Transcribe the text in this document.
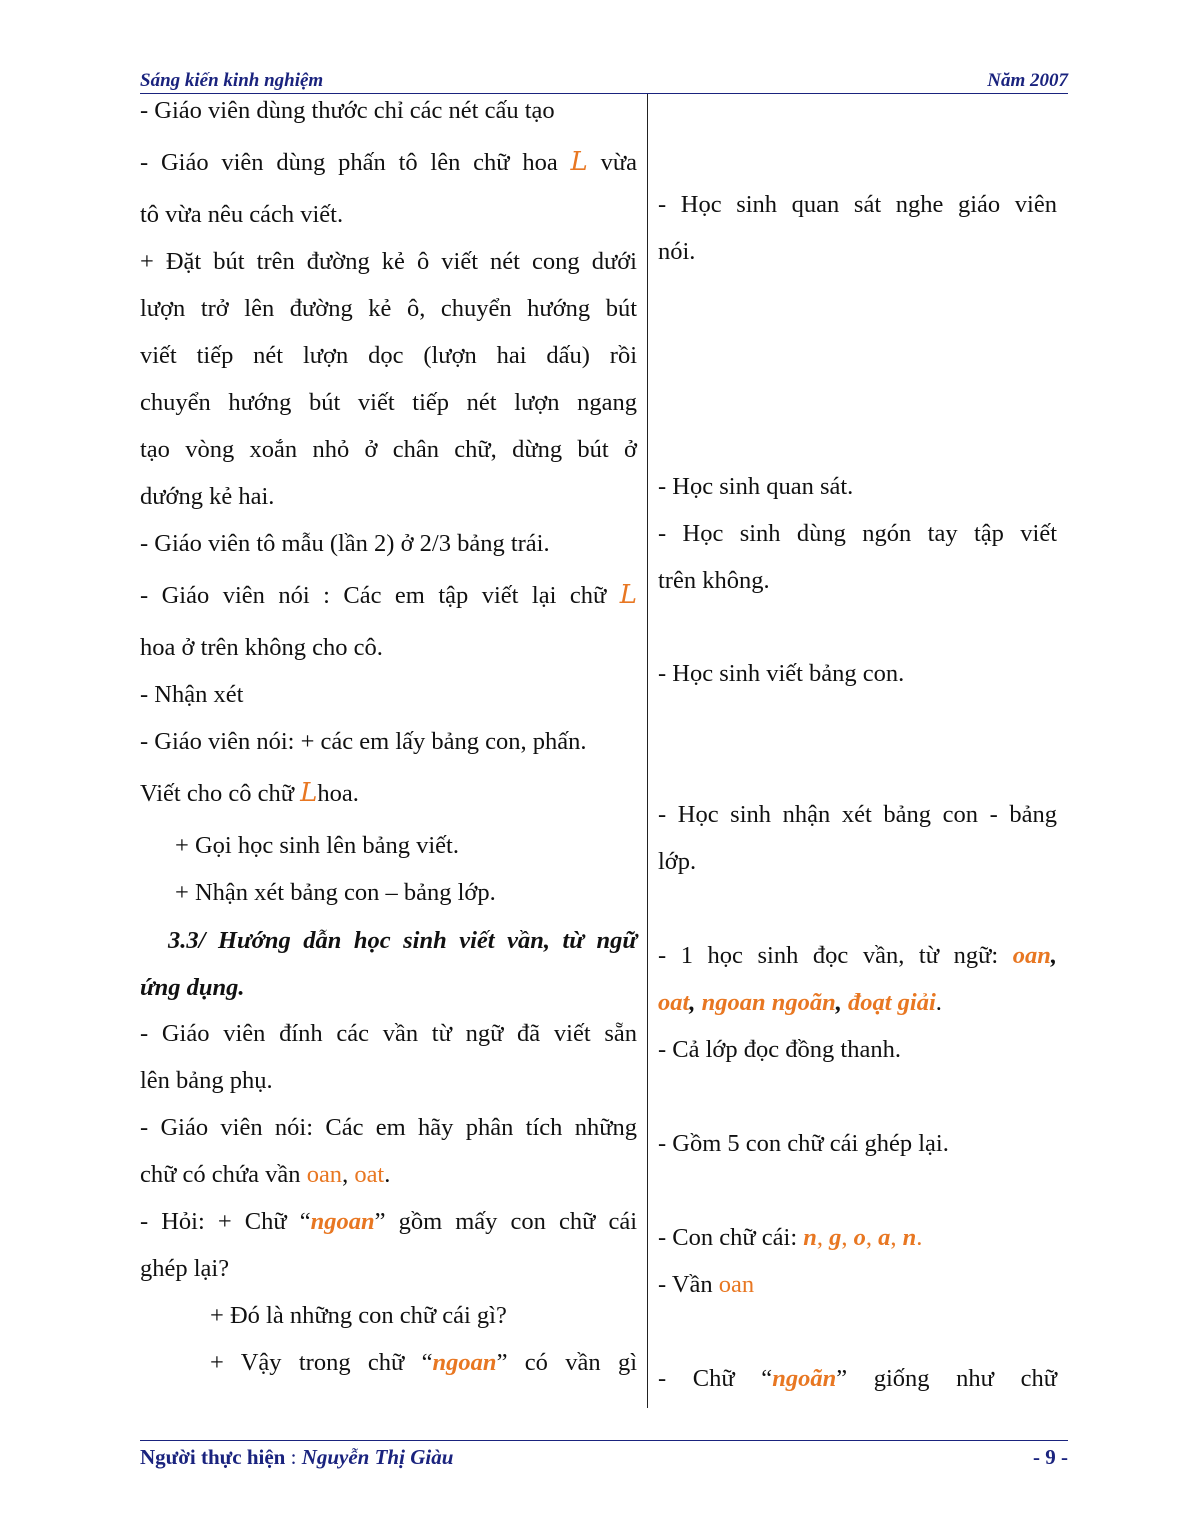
Sáng kiến kinh nghiệm	Năm 2007
- Giáo viên dùng thước chỉ các nét cấu tạo
- Giáo viên dùng phấn tô lên chữ hoa L vừa
tô vừa nêu cách viết.
+ Đặt bút trên đường kẻ ô viết nét cong dưới
lượn trở lên đường kẻ ô, chuyển hướng bút
viết tiếp nét lượn dọc (lượn hai dấu) rồi
chuyển hướng bút viết tiếp nét lượn ngang
tạo vòng xoắn nhỏ ở chân chữ, dừng bút ở
dướng kẻ hai.
- Giáo viên tô mẫu (lần 2) ở 2/3 bảng trái.
- Giáo viên nói : Các em tập viết lại chữ L
hoa ở trên không cho cô.
- Nhận xét
- Giáo viên nói: + các em lấy bảng con, phấn.
Viết cho cô chữ Lhoa.
+ Gọi học sinh lên bảng viết.
+ Nhận xét bảng con – bảng lớp.
3.3/ Hướng dẫn học sinh viết vần, từ ngữ
ứng dụng.
- Giáo viên đính các vần từ ngữ đã viết sẵn
lên bảng phụ.
- Giáo viên nói: Các em hãy phân tích những
chữ có chứa vần oan, oat.
- Hỏi: + Chữ “ngoan” gồm mấy con chữ cái
ghép lại?
+ Đó là những con chữ cái gì?
+ Vậy trong chữ “ngoan” có vần gì
- Học sinh quan sát nghe giáo viên
nói.
- Học sinh quan sát.
- Học sinh dùng ngón tay tập viết
trên không.
- Học sinh viết bảng con.
- Học sinh nhận xét bảng con - bảng
lớp.
- 1 học sinh đọc vần, từ ngữ: oan,
oat, ngoan ngoãn, đoạt giải.
- Cả lớp đọc đồng thanh.
- Gồm 5 con chữ cái ghép lại.
- Con chữ cái: n, g, o, a, n.
- Vần oan
- Chữ “ngoãn” giống như chữ
Người thực hiện : Nguyễn Thị Giàu	- 9 -
